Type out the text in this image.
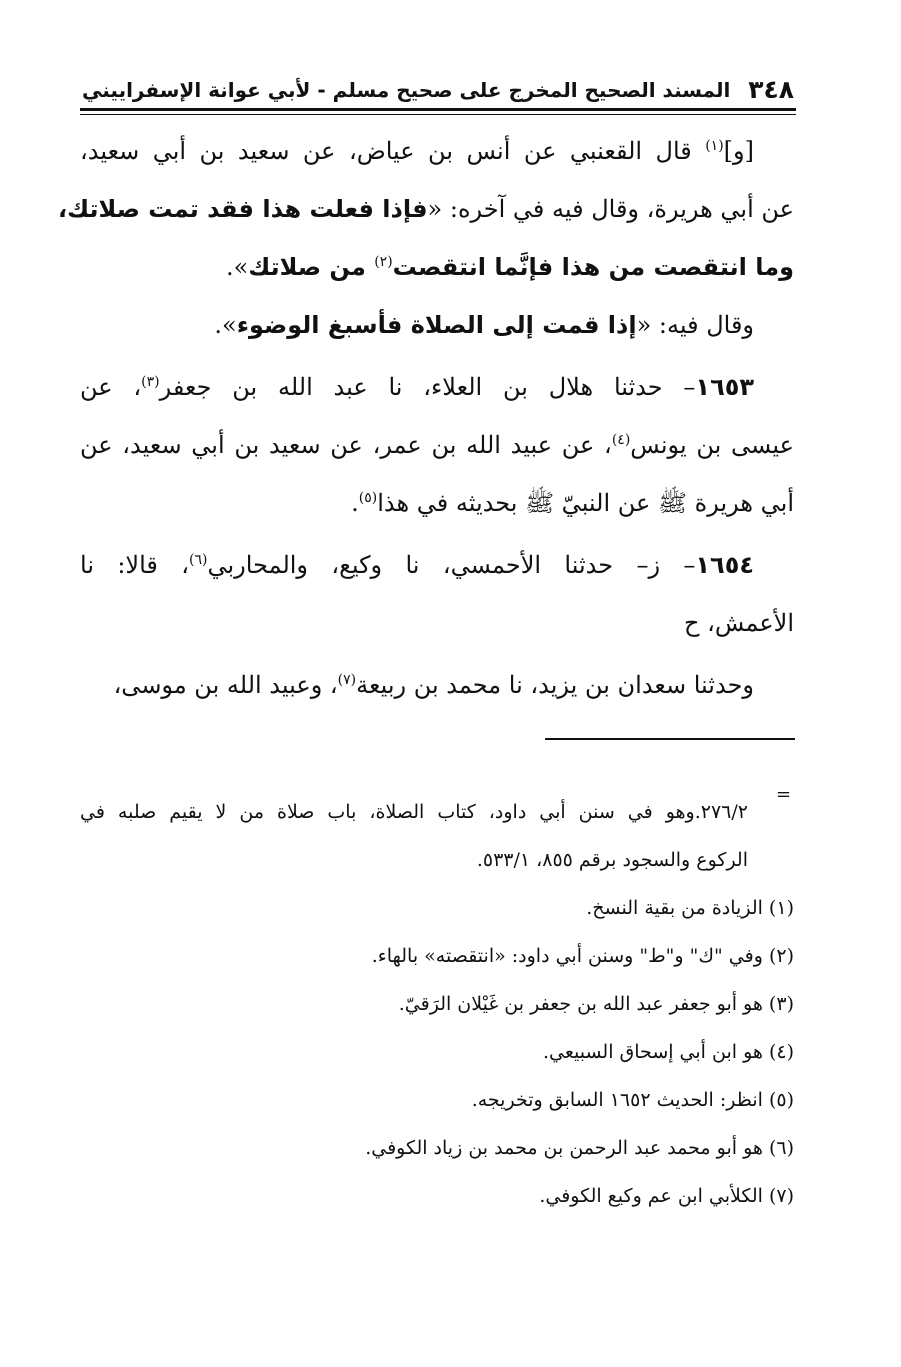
٣٤٨
المسند الصحيح المخرج على صحيح مسلم - لأبي عوانة الإسفراييني
[و]$^{(١)}$ قال القعنبي عن أنس بن عياض، عن سعيد بن أبي سعيد،
عن أبي هريرة، وقال فيه في آخره: «فإذا فعلت هذا فقد تمت صلاتك،
وما انتقصت من هذا فإنَّما انتقصت$^{(٢)}$ من صلاتك».
وقال فيه: «إذا قمت إلى الصلاة فأسبغ الوضوء».
١٦٥٣– حدثنا هلال بن العلاء، نا عبد الله بن جعفر$^{(٣)}$، عن
عيسى بن يونس$^{(٤)}$، عن عبيد الله بن عمر، عن سعيد بن أبي سعيد، عن
أبي هريرة ﷺ عن النبيّ ﷺ بحديثه في هذا$^{(٥)}$.
١٦٥٤– ز– حدثنا الأحمسي، نا وكيع، والمحاربي$^{(٦)}$، قالا: نا
الأعمش، ح
وحدثنا سعدان بن يزيد، نا محمد بن ربيعة$^{(٧)}$، وعبيد الله بن موسى،
=
٢٧٦/٢.وهو في سنن أبي داود، كتاب الصلاة، باب صلاة من لا يقيم صلبه في
الركوع والسجود برقم ٨٥٥، ٥٣٣/١.
(١) الزيادة من بقية النسخ.
(٢) وفي "ك" و"ط" وسنن أبي داود: «انتقصته» بالهاء.
(٣) هو أبو جعفر عبد الله بن جعفر بن غَيْلان الرَقيّ.
(٤) هو ابن أبي إسحاق السبيعي.
(٥) انظر: الحديث ١٦٥٢ السابق وتخريجه.
(٦) هو أبو محمد عبد الرحمن بن محمد بن زياد الكوفي.
(٧) الكلأبي ابن عم وكيع الكوفي.
